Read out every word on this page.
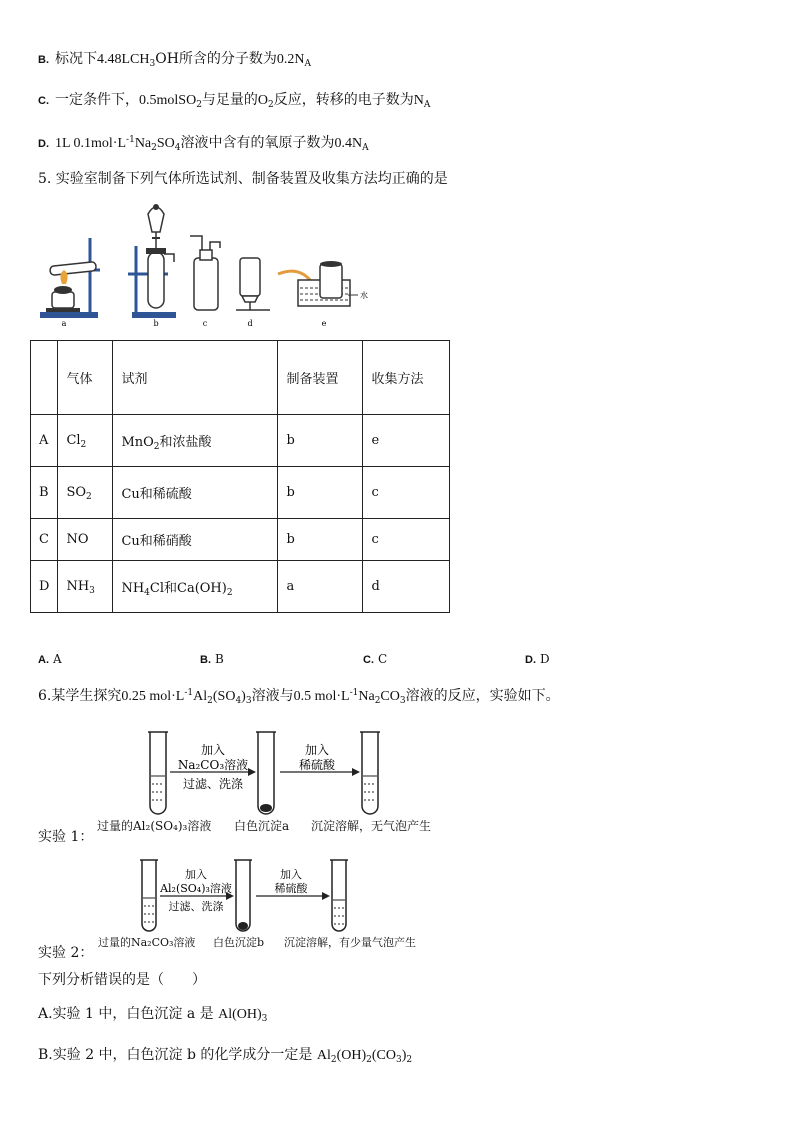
B. 标况下$4.48LCH_3OH$所含的分子数为$0.2N_A$
C. 一定条件下，0.5molSO$_2$与足量的$O_2$反应，转移的电子数为$N_A$
D. 1L $0.1mol\cdot L^{-1}Na_2SO_4$溶液中含有的氧原子数为$0.4N_A$
5. 实验室制备下列气体所选试剂、制备装置及收集方法均正确的是
a	b	c	d
水
e
	气体	试剂	制备装置	收集方法
A	$Cl_2$	MnO$_2$和浓盐酸	b	e
B	$SO_2$	Cu和稀硫酸	b	c
C	NO	Cu和稀硝酸	b	c
D	$NH_3$	$NH_4Cl$和$Ca(OH)_2$	a	d
A. A	B. B	C. C	D. D
6.某学生探究0.25 $mol\cdot L^{-1}Al_2(SO_4)_3$溶液与0.5 $mol\cdot L^{-1}Na_2CO_3$溶液的反应，实验如下。
加入
Na₂CO₃溶液
过滤、洗涤
加入
稀硫酸
过量的Al₂(SO₄)₃溶液 白色沉淀a 沉淀溶解，无气泡产生
实验 1：
加入
Al₂(SO₄)₃溶液
过滤、洗涤
加入
稀硫酸
过量的Na₂CO₃溶液 白色沉淀b 沉淀溶解，有少量气泡产生
实验 2：
下列分析错误的是（　　）
A.实验 1 中，白色沉淀 a 是 $Al(OH)_3$
B.实验 2 中，白色沉淀 b 的化学成分一定是 $Al_2(OH)_2(CO_3)_2$
